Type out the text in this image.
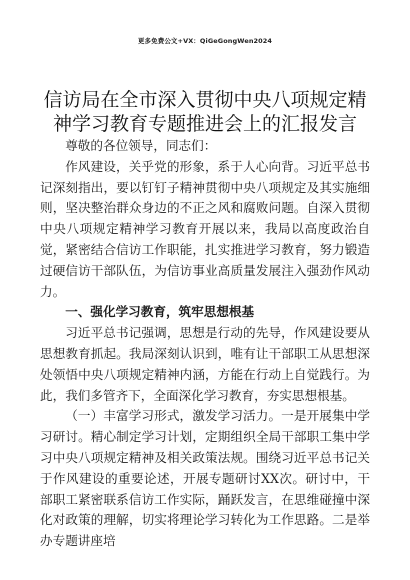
更多免费公文+VX：QiGeGongWen2024
信访局在全市深入贯彻中央八项规定精神学习教育专题推进会上的汇报发言

尊敬的各位领导，同志们：

作风建设，关乎党的形象，系于人心向背。习近平总书记深刻指出，要以钉钉子精神贯彻中央八项规定及其实施细则，坚决整治群众身边的不正之风和腐败问题。自深入贯彻中央八项规定精神学习教育开展以来，我局以高度政治自觉，紧密结合信访工作职能，扎实推进学习教育，努力锻造过硬信访干部队伍，为信访事业高质量发展注入强劲作风动力。

一、强化学习教育，筑牢思想根基

习近平总书记强调，思想是行动的先导，作风建设要从思想教育抓起。我局深刻认识到，唯有让干部职工从思想深处领悟中央八项规定精神内涵，方能在行动上自觉践行。为此，我们多管齐下，全面深化学习教育，夯实思想根基。

（一）丰富学习形式，激发学习活力。一是开展集中学习研讨。精心制定学习计划，定期组织全局干部职工集中学习中央八项规定精神及相关政策法规。围绕习近平总书记关于作风建设的重要论述，开展专题研讨XX次。研讨中，干部职工紧密联系信访工作实际，踊跃发言，在思维碰撞中深化对政策的理解，切实将理论学习转化为工作思路。二是举办专题讲座培
